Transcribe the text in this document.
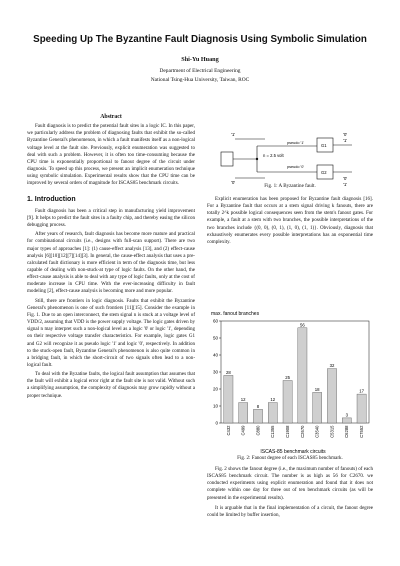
Speeding Up The Byzantine Fault Diagnosis Using Symbolic Simulation
Shi-Yu Huang
Department of Electrical Engineering
National Tsing-Hua University, Taiwan, ROC
Abstract

Fault diagnosis is to predict the potential fault sites in a logic IC. In this paper, we particularly address the problem of diagnosing faults that exhibit the so-called Byzantine General's phenomenon, in which a fault manifests itself as a non-logical voltage level at the fault site. Previously, explicit enumeration was suggested to deal with such a problem. However, it is often too time-consuming because the CPU time is exponentially proportional to fanout degree of the circuit under diagnosis. To speed up this process, we present an implicit enumeration technique using symbolic simulation. Experimental results show that the CPU time can be improved by several orders of magnitude for ISCAS85 benchmark circuits.

1. Introduction

Fault diagnosis has been a critical step in manufacturing yield improvement [9]. It helps to predict the fault sites in a faulty chip, and thereby easing the silicon debugging process.

After years of research, fault diagnosis has become more mature and practical for combinational circuits (i.e., designs with full-scan support). There are two major types of approaches [1]: (1) cause-effect analysis [13], and (2) effect-cause analysis [6][10][12][7][14][3]. In general, the cause-effect analysis that uses a pre-calculated fault dictionary is more efficient in term of the diagnosis time, but less capable of dealing with non-stuck-at type of logic faults. On the other hand, the effect-cause analysis is able to deal with any type of logic faults, only at the cost of moderate increase in CPU time. With the ever-increasing difficulty in fault modeling [2], effect-cause analysis is becoming more and more popular.

Still, there are frontiers in logic diagnosis. Faults that exhibit the Byzantine General's phenomenon is one of such frontiers [11][15]. Consider the example in Fig. 1. Due to an open interconnect, the stem signal n is stuck at a voltage level of VDD/2, assuming that VDD is the power supply voltage. The logic gates driven by signal n may interpret such a non-logical level as a logic '0' or logic '1', depending on their respective voltage transfer characteristics. For example, logic gates G1 and G2 will recognize it as pseudo logic '1' and logic '0', respectively. In addition to the stuck-open fault, Byzantine General's phenomenon is also quite common in a bridging fault, in which the short-circuit of two signals often lead to a non-logical fault.

To deal with the Byzatine faults, the logical fault assumption that assumes that the fault will exhibit a logical error right at the fault site is not valid. Without such a simplifying assumption, the complexity of diagnosis may grow rapidly without a proper technique.

'1'
'0'
n = 2.5 volt
pseudo '1'
pseudo '0'
G1
G2
'0'
'1'
'0'
'1'
Fig. 1: A Byzantine fault.

Explicit enumeration has been proposed for Byzantine fault diagnosis [16]. For a Byzantine fault that occurs at a stem signal driving k fanouts, there are totally 2^k possible logical consequences seen from the stem's fanout gates. For example, a fault at a stem with two branches, the possible interpretations of the two branches include {(0, 0), (0, 1), (1, 0), (1, 1)}. Obviously, diagnosis that exhaustively enumerates every possible interpretations has an exponential time complexity.

max. fanout branches
0
10
20
30
40
50
60
28
C432
12
C499
8
C880
12
C1355
25
C1908
56
C2670
18
C3540
32
C5315
3
C6288
17
C7552
ISCAS-85 benchmark circuits
Fig. 2: Fanout degree of each ISCAS85 benchmark.

Fig. 2 shows the fanout degree (i.e., the maximum number of fanouts) of each ISCAS85 benchmark circuit. The number is as high as 56 for C2670. we conducted experiments using explicit enumeration and found that it does not complete within one day for three out of ten benchmark circuits (as will be presented in the experimental results).

It is arguable that in the final implementation of a circuit, the fanout degree could be limited by buffer insertion,
